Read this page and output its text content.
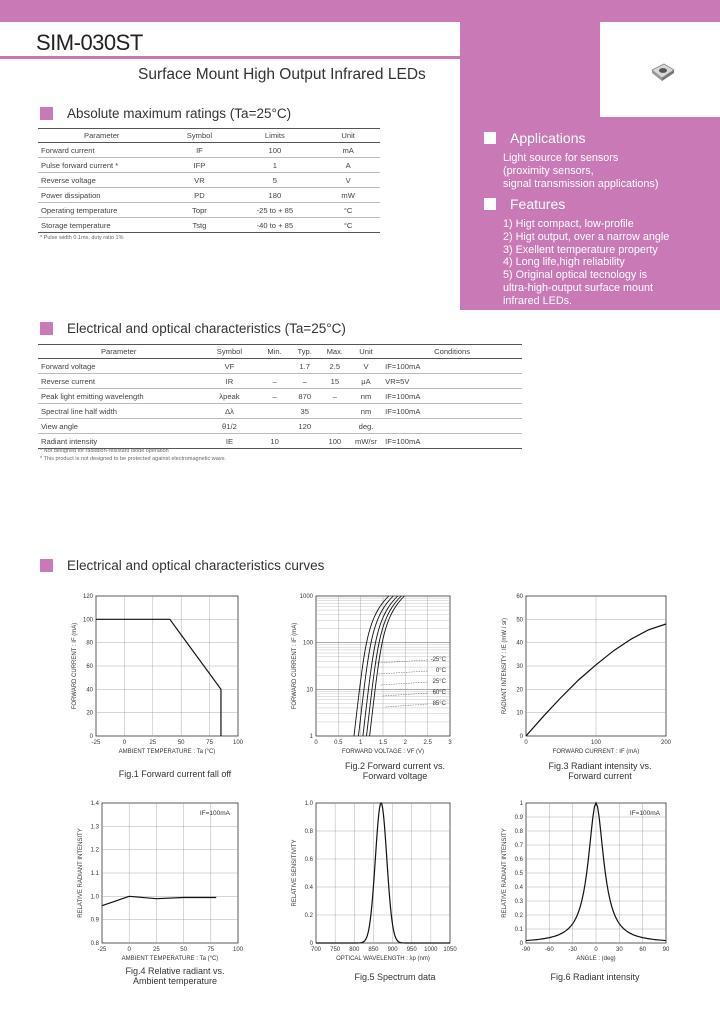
SIM-030ST
Surface Mount High Output Infrared LEDs
Applications
Light source for sensors
(proximity sensors,
signal transmission applications)
Features
1) Higt compact, low-profile
2) Higt output, over a narrow angle
3) Exellent temperature property
4) Long life,high reliability
5) Original optical tecnology is
ultra-high-output surface mount
infrared LEDs.
Absolute maximum ratings (Ta=25°C)
Parameter	Symbol	Limits	Unit
Forward current	IF	100	mA
Pulse forward current *	IFP	1	A
Reverse voltage	VR	5	V
Power dissipation	PD	180	mW
Operating temperature	Topr	-25 to + 85	°C
Storage temperature	Tstg	-40 to + 85	°C
* Pulse width 0.1ms, duty ratio 1%
Electrical and optical characteristics (Ta=25°C)
Parameter	Symbol	Min.	Typ.	Max.	Unit	Conditions
Forward voltage	VF		1.7	2.5	V	IF=100mA
Reverse current	IR	–	–	15	μA	VR=5V
Peak light emitting wavelength	λpeak	–	870	–	nm	IF=100mA
Spectral line half width	Δλ		35		nm	IF=100mA
View angle	θ1/2		120		deg.	
Radiant intensity	IE	10		100	mW/sr	IF=100mA
* Not designed for radiation-resistant diode operation
* This product is not designed to be protected against electromagnetic wave.
Electrical and optical characteristics curves
-25	0	25	50	75	100
0
20
40
60
80
100
120
AMBIENT TEMPERATURE : Ta (°C)
FORWARD CURRENT : IF (mA)
0	0.5	1	1.5	2	2.5	3
1
10
100
1000
FORWARD VOLTAGE : VF (V)
FORWARD CURRENT : IF (mA)	-25°C
0°C
25°C
60°C
85°C
0	100	200
0
10
20
30
40
50
60
FORWARD CURRENT : IF (mA)
RADIANT INTENSITY : IE (mW / sr)
-25	0	25	50	75	100
0.8
0.9
1.0
1.1
1.2
1.3
1.4
AMBIENT TEMPERATURE : Ta (°C)
RELATIVE RADIANT INTENSITY
IF=100mA
700 750 800 850 900 950 1000 1050
0
0.2
0.4
0.6
0.8
1.0
OPTICAL WAVELENGTH : λp (nm)
RELATIVE SENSITIVITY
-90 -60 -30	0	30	60	90
0
0.1
0.2
0.3
0.4
0.5
0.6
0.7
0.8
0.9
1
ANGLE : (deg)
RELATIVE RADIANT INTENSITY
IF=100mA
Fig.1 Forward current fall off
Fig.2 Forward current vs.
Forward voltage
Fig.3 Radiant intensity vs.
Forward current
Fig.4 Relative radiant vs.
Ambient temperature	Fig.5 Spectrum data	Fig.6 Radiant intensity
